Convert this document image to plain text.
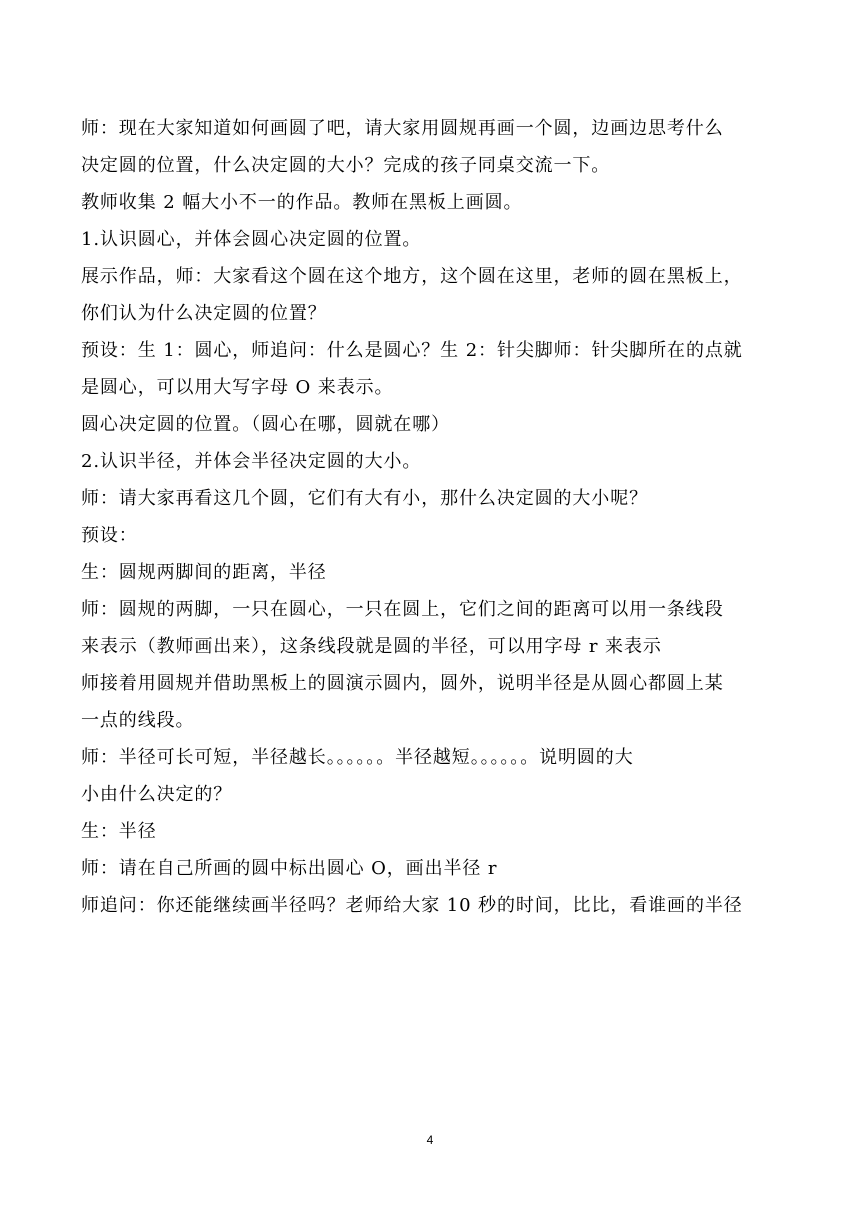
师：现在大家知道如何画圆了吧，请大家用圆规再画一个圆，边画边思考什么
决定圆的位置，什么决定圆的大小？完成的孩子同桌交流一下。

教师收集 2 幅大小不一的作品。教师在黑板上画圆。

1.认识圆心，并体会圆心决定圆的位置。

展示作品，师：大家看这个圆在这个地方，这个圆在这里，老师的圆在黑板上，
你们认为什么决定圆的位置？

预设：生 1：圆心，师追问：什么是圆心？生 2：针尖脚师：针尖脚所在的点就
是圆心，可以用大写字母 O 来表示。

圆心决定圆的位置。（圆心在哪，圆就在哪）

2.认识半径，并体会半径决定圆的大小。

师：请大家再看这几个圆，它们有大有小，那什么决定圆的大小呢？

预设：

生：圆规两脚间的距离，半径

师：圆规的两脚，一只在圆心，一只在圆上，它们之间的距离可以用一条线段
来表示（教师画出来），这条线段就是圆的半径，可以用字母 r 来表示

师接着用圆规并借助黑板上的圆演示圆内，圆外，说明半径是从圆心都圆上某
一点的线段。

师：半径可长可短，半径越长。。。。。。半径越短。。。。。。说明圆的大
小由什么决定的？

生：半径

师：请在自己所画的圆中标出圆心 O，画出半径 r

师追问：你还能继续画半径吗？老师给大家 10 秒的时间，比比，看谁画的半径

4
